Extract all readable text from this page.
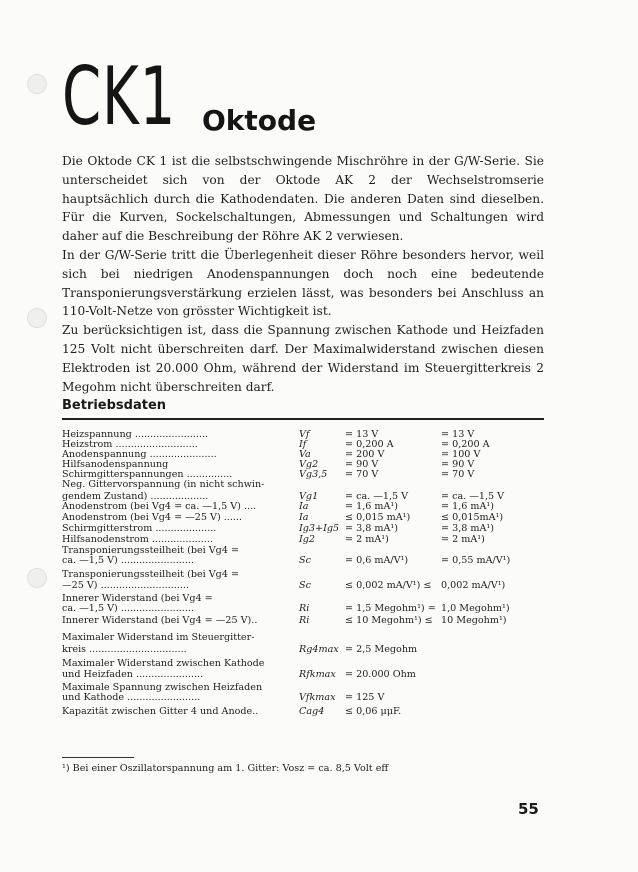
CK1 Oktode

Die Oktode CK 1 ist die selbstschwingende Mischröhre in der G/W-Serie. Sie unterscheidet sich von der Oktode AK 2 der Wechselstromserie hauptsächlich durch die Kathodendaten. Die anderen Daten sind dieselben. Für die Kurven, Sockelschaltungen, Abmessungen und Schaltungen wird daher auf die Beschreibung der Röhre AK 2 verwiesen.

In der G/W-Serie tritt die Überlegenheit dieser Röhre besonders hervor, weil sich bei niedrigen Anodenspannungen doch noch eine bedeutende Transponierungsverstärkung erzielen lässt, was besonders bei Anschluss an 110-Volt-Netze von grösster Wichtigkeit ist.

Zu berücksichtigen ist, dass die Spannung zwischen Kathode und Heizfaden 125 Volt nicht überschreiten darf. Der Maximalwiderstand zwischen diesen Elektroden ist 20.000 Ohm, während der Widerstand im Steuergitterkreis 2 Megohm nicht überschreiten darf.

Betriebsdaten
Heizspannung ........................	Vf	= 13 V	= 13 V
Heizstrom ...........................	If	= 0,200 A	= 0,200 A
Anodenspannung ......................	Va	= 200 V	= 100 V
Hilfsanodenspannung	Vg2	= 90 V	= 90 V
Schirmgitterspannungen ...............	Vg3,5 = 70 V	= 70 V
Neg. Gittervorspannung (in nicht schwin-
gendem Zustand) ...................	Vg1	= ca. —1,5 V	= ca. —1,5 V
Anodenstrom (bei Vg4 = ca. —1,5 V) ....	Ia	= 1,6 mA¹)	= 1,6 mA¹)
Anodenstrom (bei Vg4 = —25 V) ......	Ia	≤ 0,015 mA¹)	≤ 0,015mA¹)
Schirmgitterstrom ....................	Ig3+Ig5 = 3,8 mA¹)	= 3,8 mA¹)
Hilfsanodenstrom ....................	Ig2	= 2 mA¹)	= 2 mA¹)
Transponierungssteilheit (bei Vg4 =
ca. —1,5 V) ........................	Sc	= 0,6 mA/V¹)	= 0,55 mA/V¹)
Transponierungssteilheit (bei Vg4 =
—25 V) .............................	Sc	≤ 0,002 mA/V¹) ≤ 0,002 mA/V¹)
Innerer Widerstand (bei Vg4 =
ca. —1,5 V) ........................	Ri	= 1,5 Megohm¹) = 1,0 Megohm¹)
Innerer Widerstand (bei Vg4 = —25 V)..	Ri	≤ 10 Megohm¹) ≤ 10 Megohm¹)
Maximaler Widerstand im Steuergitter-
kreis ................................	Rg4max = 2,5 Megohm
Maximaler Widerstand zwischen Kathode
und Heizfaden ......................	Rfkmax = 20.000 Ohm
Maximale Spannung zwischen Heizfaden
und Kathode ........................	Vfkmax = 125 V
Kapazität zwischen Gitter 4 und Anode..	Cag4 ≤ 0,06 μμF.
¹) Bei einer Oszillatorspannung am 1. Gitter: Vosz = ca. 8,5 Volt eff
55
